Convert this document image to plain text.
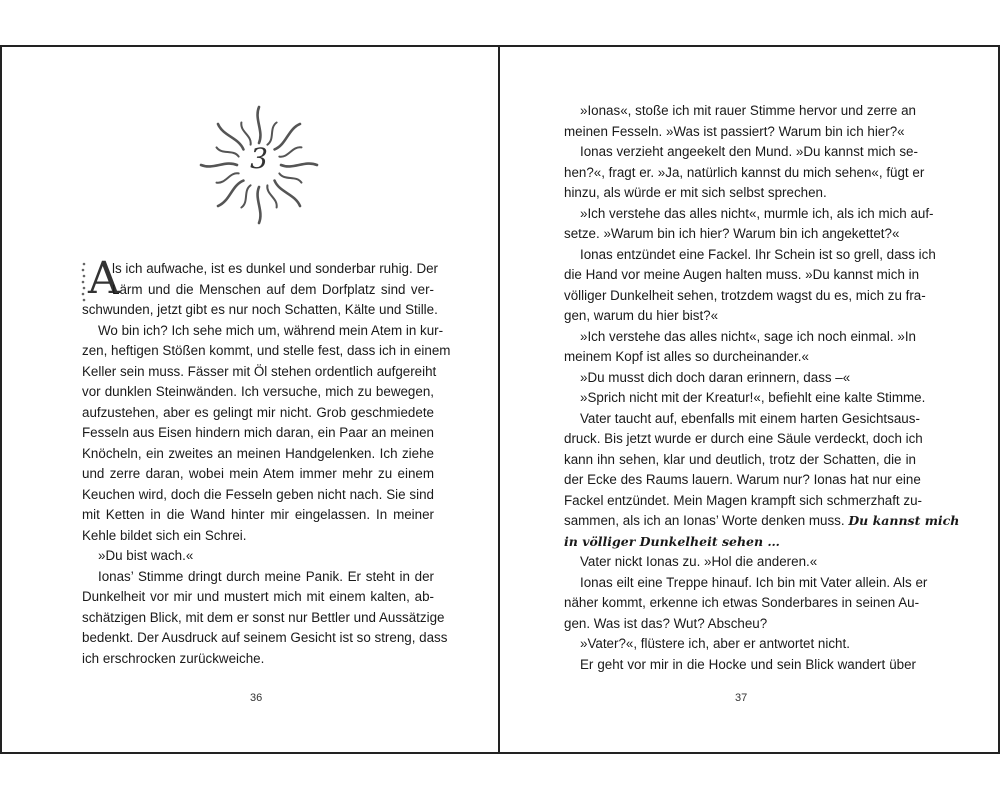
3
A
ls ich aufwache, ist es dunkel und sonderbar ruhig. Der
Lärm und die Menschen auf dem Dorfplatz sind ver-
schwunden, jetzt gibt es nur noch Schatten, Kälte und Stille.
Wo bin ich? Ich sehe mich um, während mein Atem in kur-
zen, heftigen Stößen kommt, und stelle fest, dass ich in einem
Keller sein muss. Fässer mit Öl stehen ordentlich aufgereiht
vor dunklen Steinwänden. Ich versuche, mich zu bewegen,
aufzustehen, aber es gelingt mir nicht. Grob geschmiedete
Fesseln aus Eisen hindern mich daran, ein Paar an meinen
Knöcheln, ein zweites an meinen Handgelenken. Ich ziehe
und zerre daran, wobei mein Atem immer mehr zu einem
Keuchen wird, doch die Fesseln geben nicht nach. Sie sind
mit Ketten in die Wand hinter mir eingelassen. In meiner
Kehle bildet sich ein Schrei.
»Du bist wach.«
Ionas’ Stimme dringt durch meine Panik. Er steht in der
Dunkelheit vor mir und mustert mich mit einem kalten, ab-
schätzigen Blick, mit dem er sonst nur Bettler und Aussätzige
bedenkt. Der Ausdruck auf seinem Gesicht ist so streng, dass
ich erschrocken zurückweiche.
»Ionas«, stoße ich mit rauer Stimme hervor und zerre an
meinen Fesseln. »Was ist passiert? Warum bin ich hier?«
Ionas verzieht angeekelt den Mund. »Du kannst mich se-
hen?«, fragt er. »Ja, natürlich kannst du mich sehen«, fügt er
hinzu, als würde er mit sich selbst sprechen.
»Ich verstehe das alles nicht«, murmle ich, als ich mich auf-
setze. »Warum bin ich hier? Warum bin ich angekettet?«
Ionas entzündet eine Fackel. Ihr Schein ist so grell, dass ich
die Hand vor meine Augen halten muss. »Du kannst mich in
völliger Dunkelheit sehen, trotzdem wagst du es, mich zu fra-
gen, warum du hier bist?«
»Ich verstehe das alles nicht«, sage ich noch einmal. »In
meinem Kopf ist alles so durcheinander.«
»Du musst dich doch daran erinnern, dass –«
»Sprich nicht mit der Kreatur!«, befiehlt eine kalte Stimme.
Vater taucht auf, ebenfalls mit einem harten Gesichtsaus-
druck. Bis jetzt wurde er durch eine Säule verdeckt, doch ich
kann ihn sehen, klar und deutlich, trotz der Schatten, die in
der Ecke des Raums lauern. Warum nur? Ionas hat nur eine
Fackel entzündet. Mein Magen krampft sich schmerzhaft zu-
sammen, als ich an Ionas’ Worte denken muss. Du kannst mich
in völliger Dunkelheit sehen …
Vater nickt Ionas zu. »Hol die anderen.«
Ionas eilt eine Treppe hinauf. Ich bin mit Vater allein. Als er
näher kommt, erkenne ich etwas Sonderbares in seinen Au-
gen. Was ist das? Wut? Abscheu?
»Vater?«, flüstere ich, aber er antwortet nicht.
Er geht vor mir in die Hocke und sein Blick wandert über
36	37
